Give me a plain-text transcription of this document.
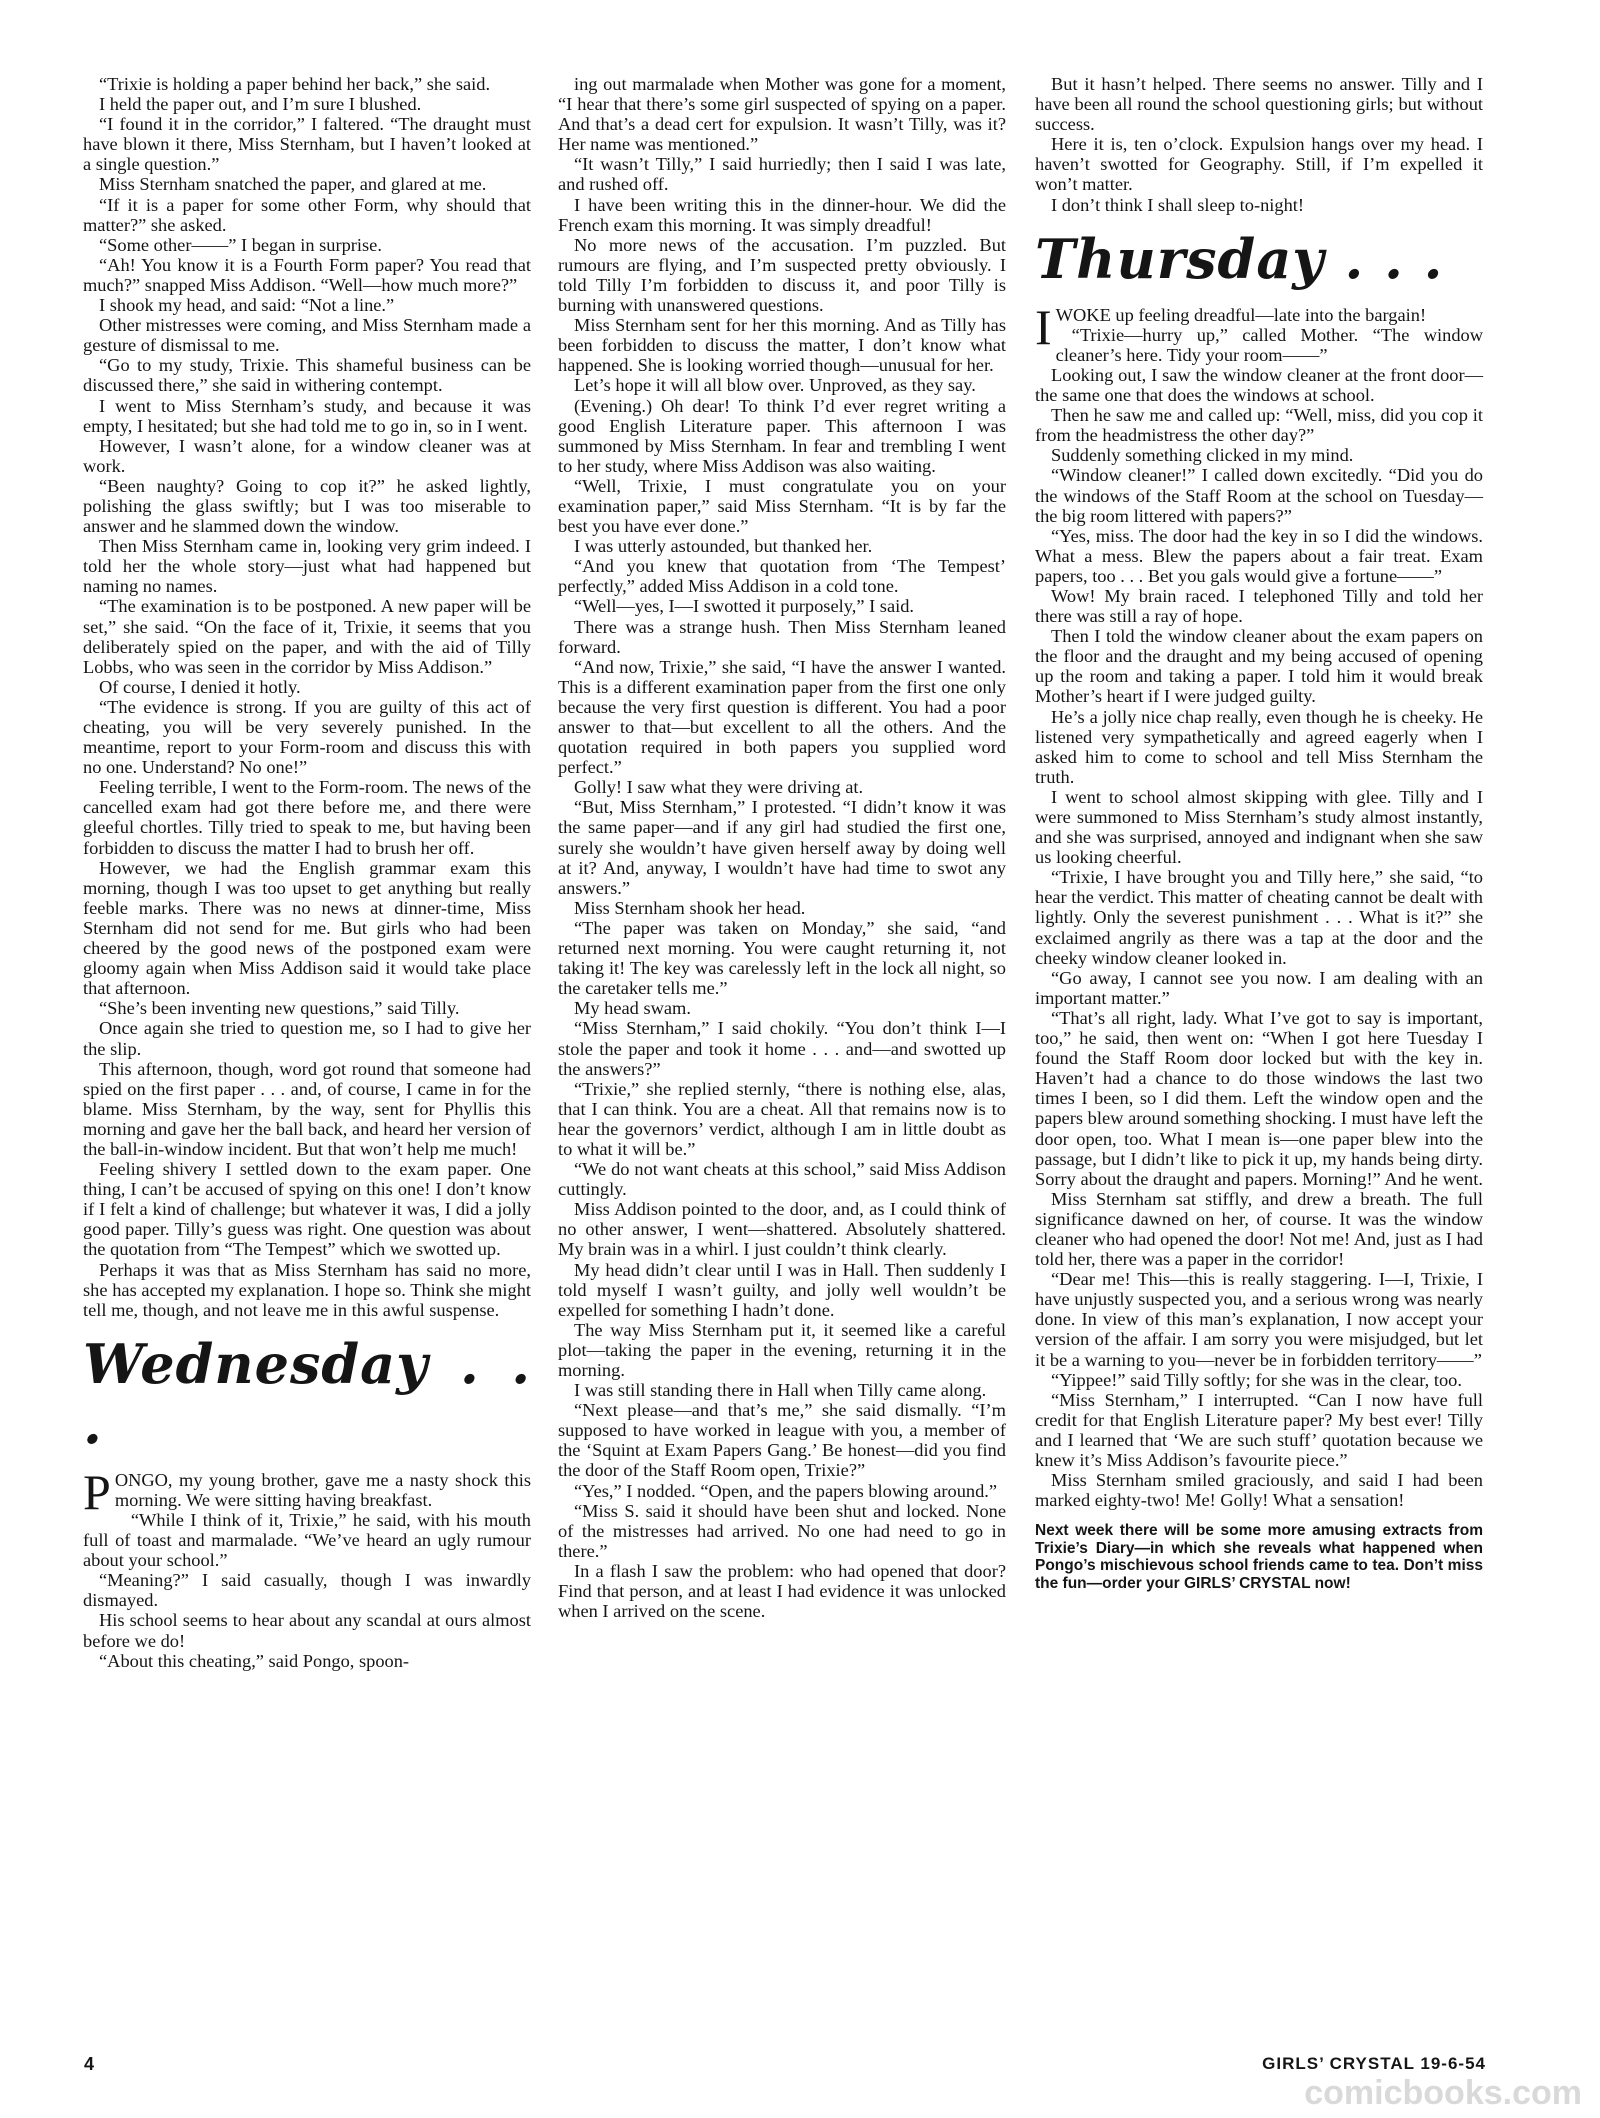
“Trixie is holding a paper behind her back,” she said.

I held the paper out, and I’m sure I blushed.

“I found it in the corridor,” I faltered. “The draught must have blown it there, Miss Sternham, but I haven’t looked at a single question.”

Miss Sternham snatched the paper, and glared at me.

“If it is a paper for some other Form, why should that matter?” she asked.

“Some other——” I began in surprise.

“Ah! You know it is a Fourth Form paper? You read that much?” snapped Miss Addison. “Well—how much more?”

I shook my head, and said: “Not a line.”

Other mistresses were coming, and Miss Sternham made a gesture of dismissal to me.

“Go to my study, Trixie. This shameful business can be discussed there,” she said in withering contempt.

I went to Miss Sternham’s study, and because it was empty, I hesitated; but she had told me to go in, so in I went.

However, I wasn’t alone, for a window cleaner was at work.

“Been naughty? Going to cop it?” he asked lightly, polishing the glass swiftly; but I was too miserable to answer and he slammed down the window.

Then Miss Sternham came in, looking very grim indeed. I told her the whole story—just what had happened but naming no names.

“The examination is to be postponed. A new paper will be set,” she said. “On the face of it, Trixie, it seems that you deliberately spied on the paper, and with the aid of Tilly Lobbs, who was seen in the corridor by Miss Addison.”

Of course, I denied it hotly.

“The evidence is strong. If you are guilty of this act of cheating, you will be very severely punished. In the meantime, report to your Form-room and discuss this with no one. Understand? No one!”

Feeling terrible, I went to the Form-room. The news of the cancelled exam had got there before me, and there were gleeful chortles. Tilly tried to speak to me, but having been forbidden to discuss the matter I had to brush her off.

However, we had the English grammar exam this morning, though I was too upset to get anything but really feeble marks. There was no news at dinner-time, Miss Sternham did not send for me. But girls who had been cheered by the good news of the postponed exam were gloomy again when Miss Addison said it would take place that afternoon.

“She’s been inventing new questions,” said Tilly.

Once again she tried to question me, so I had to give her the slip.

This afternoon, though, word got round that someone had spied on the first paper . . . and, of course, I came in for the blame. Miss Sternham, by the way, sent for Phyllis this morning and gave her the ball back, and heard her version of the ball-in-window incident. But that won’t help me much!

Feeling shivery I settled down to the exam paper. One thing, I can’t be accused of spying on this one! I don’t know if I felt a kind of challenge; but whatever it was, I did a jolly good paper. Tilly’s guess was right. One question was about the quotation from “The Tempest” which we swotted up.

Perhaps it was that as Miss Sternham has said no more, she has accepted my explanation. I hope so. Think she might tell me, though, and not leave me in this awful suspense.

Wednesday . . .

PONGO, my young brother, gave me a nasty shock this morning. We were sitting having breakfast.

“While I think of it, Trixie,” he said, with his mouth full of toast and marmalade. “We’ve heard an ugly rumour about your school.”

“Meaning?” I said casually, though I was inwardly dismayed.

His school seems to hear about any scandal at ours almost before we do!

“About this cheating,” said Pongo, spoon-

ing out marmalade when Mother was gone for a moment, “I hear that there’s some girl suspected of spying on a paper. And that’s a dead cert for expulsion. It wasn’t Tilly, was it? Her name was mentioned.”

“It wasn’t Tilly,” I said hurriedly; then I said I was late, and rushed off.

I have been writing this in the dinner-hour. We did the French exam this morning. It was simply dreadful!

No more news of the accusation. I’m puzzled. But rumours are flying, and I’m suspected pretty obviously. I told Tilly I’m forbidden to discuss it, and poor Tilly is burning with unanswered questions.

Miss Sternham sent for her this morning. And as Tilly has been forbidden to discuss the matter, I don’t know what happened. She is looking worried though—unusual for her.

Let’s hope it will all blow over. Unproved, as they say.

(Evening.) Oh dear! To think I’d ever regret writing a good English Literature paper. This afternoon I was summoned by Miss Sternham. In fear and trembling I went to her study, where Miss Addison was also waiting.

“Well, Trixie, I must congratulate you on your examination paper,” said Miss Sternham. “It is by far the best you have ever done.”

I was utterly astounded, but thanked her.

“And you knew that quotation from ‘The Tempest’ perfectly,” added Miss Addison in a cold tone.

“Well—yes, I—I swotted it purposely,” I said.

There was a strange hush. Then Miss Sternham leaned forward.

“And now, Trixie,” she said, “I have the answer I wanted. This is a different examination paper from the first one only because the very first question is different. You had a poor answer to that—but excellent to all the others. And the quotation required in both papers you supplied word perfect.”

Golly! I saw what they were driving at.

“But, Miss Sternham,” I protested. “I didn’t know it was the same paper—and if any girl had studied the first one, surely she wouldn’t have given herself away by doing well at it? And, anyway, I wouldn’t have had time to swot any answers.”

Miss Sternham shook her head.

“The paper was taken on Monday,” she said, “and returned next morning. You were caught returning it, not taking it! The key was carelessly left in the lock all night, so the caretaker tells me.”

My head swam.

“Miss Sternham,” I said chokily. “You don’t think I—I stole the paper and took it home . . . and—and swotted up the answers?”

“Trixie,” she replied sternly, “there is nothing else, alas, that I can think. You are a cheat. All that remains now is to hear the governors’ verdict, although I am in little doubt as to what it will be.”

“We do not want cheats at this school,” said Miss Addison cuttingly.

Miss Addison pointed to the door, and, as I could think of no other answer, I went—shattered. Absolutely shattered. My brain was in a whirl. I just couldn’t think clearly.

My head didn’t clear until I was in Hall. Then suddenly I told myself I wasn’t guilty, and jolly well wouldn’t be expelled for something I hadn’t done.

The way Miss Sternham put it, it seemed like a careful plot—taking the paper in the evening, returning it in the morning.

I was still standing there in Hall when Tilly came along.

“Next please—and that’s me,” she said dismally. “I’m supposed to have worked in league with you, a member of the ‘Squint at Exam Papers Gang.’ Be honest—did you find the door of the Staff Room open, Trixie?”

“Yes,” I nodded. “Open, and the papers blowing around.”

“Miss S. said it should have been shut and locked. None of the mistresses had arrived. No one had need to go in there.”

In a flash I saw the problem: who had opened that door? Find that person, and at least I had evidence it was unlocked when I arrived on the scene.

But it hasn’t helped. There seems no answer. Tilly and I have been all round the school questioning girls; but without success.

Here it is, ten o’clock. Expulsion hangs over my head. I haven’t swotted for Geography. Still, if I’m expelled it won’t matter.

I don’t think I shall sleep to-night!

Thursday . . .

IWOKE up feeling dreadful—late into the bargain!

“Trixie—hurry up,” called Mother. “The window cleaner’s here. Tidy your room——”

Looking out, I saw the window cleaner at the front door—the same one that does the windows at school.

Then he saw me and called up: “Well, miss, did you cop it from the headmistress the other day?”

Suddenly something clicked in my mind.

“Window cleaner!” I called down excitedly. “Did you do the windows of the Staff Room at the school on Tuesday—the big room littered with papers?”

“Yes, miss. The door had the key in so I did the windows. What a mess. Blew the papers about a fair treat. Exam papers, too . . . Bet you gals would give a fortune——”

Wow! My brain raced. I telephoned Tilly and told her there was still a ray of hope.

Then I told the window cleaner about the exam papers on the floor and the draught and my being accused of opening up the room and taking a paper. I told him it would break Mother’s heart if I were judged guilty.

He’s a jolly nice chap really, even though he is cheeky. He listened very sympathetically and agreed eagerly when I asked him to come to school and tell Miss Sternham the truth.

I went to school almost skipping with glee. Tilly and I were summoned to Miss Sternham’s study almost instantly, and she was surprised, annoyed and indignant when she saw us looking cheerful.

“Trixie, I have brought you and Tilly here,” she said, “to hear the verdict. This matter of cheating cannot be dealt with lightly. Only the severest punishment . . . What is it?” she exclaimed angrily as there was a tap at the door and the cheeky window cleaner looked in.

“Go away, I cannot see you now. I am dealing with an important matter.”

“That’s all right, lady. What I’ve got to say is important, too,” he said, then went on: “When I got here Tuesday I found the Staff Room door locked but with the key in. Haven’t had a chance to do those windows the last two times I been, so I did them. Left the window open and the papers blew around something shocking. I must have left the door open, too. What I mean is—one paper blew into the passage, but I didn’t like to pick it up, my hands being dirty. Sorry about the draught and papers. Morning!” And he went.

Miss Sternham sat stiffly, and drew a breath. The full significance dawned on her, of course. It was the window cleaner who had opened the door! Not me! And, just as I had told her, there was a paper in the corridor!

“Dear me! This—this is really staggering. I—I, Trixie, I have unjustly suspected you, and a serious wrong was nearly done. In view of this man’s explanation, I now accept your version of the affair. I am sorry you were misjudged, but let it be a warning to you—never be in forbidden territory——”

“Yippee!” said Tilly softly; for she was in the clear, too.

“Miss Sternham,” I interrupted. “Can I now have full credit for that English Literature paper? My best ever! Tilly and I learned that ‘We are such stuff’ quotation because we knew it’s Miss Addison’s favourite piece.”

Miss Sternham smiled graciously, and said I had been marked eighty-two! Me! Golly! What a sensation!

Next week there will be some more amusing extracts from Trixie’s Diary—in which she reveals what happened when Pongo’s mischievous school friends came to tea. Don’t miss the fun—order your GIRLS’ CRYSTAL now!
4	GIRLS’ CRYSTAL 19-6-54
comicbooks.com
